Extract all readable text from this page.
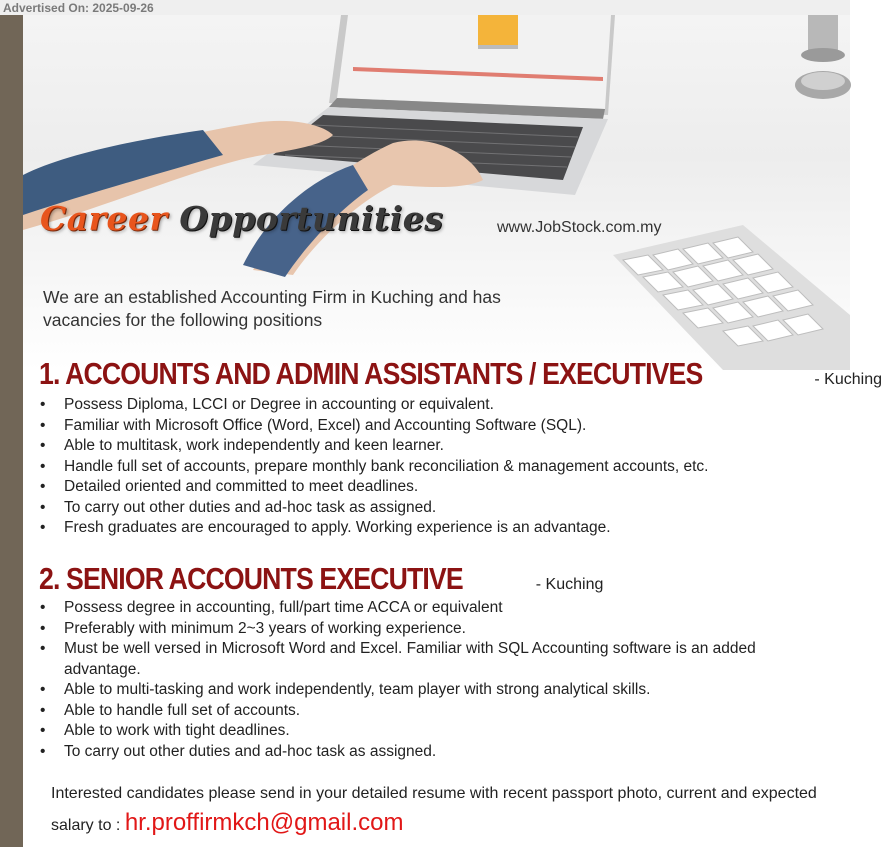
Advertised On: 2025-09-26
Career Opportunities	www.JobStock.com.my
We are an established Accounting Firm in Kuching and has
vacancies for the following positions
1. ACCOUNTS AND ADMIN ASSISTANTS / EXECUTIVES	- Kuching
• Possess Diploma, LCCI or Degree in accounting or equivalent.
• Familiar with Microsoft Office (Word, Excel) and Accounting Software (SQL).
• Able to multitask, work independently and keen learner.
• Handle full set of accounts, prepare monthly bank reconciliation & management accounts, etc.
• Detailed oriented and committed to meet deadlines.
• To carry out other duties and ad-hoc task as assigned.
• Fresh graduates are encouraged to apply. Working experience is an advantage.
2. SENIOR ACCOUNTS EXECUTIVE	- Kuching
• Possess degree in accounting, full/part time ACCA or equivalent
• Preferably with minimum 2~3 years of working experience.
• Must be well versed in Microsoft Word and Excel. Familiar with SQL Accounting software is an added advantage.
• Able to multi-tasking and work independently, team player with strong analytical skills.
• Able to handle full set of accounts.
• Able to work with tight deadlines.
• To carry out other duties and ad-hoc task as assigned.
Interested candidates please send in your detailed resume with recent passport photo, current and expected salary to : hr.proffirmkch@gmail.com
